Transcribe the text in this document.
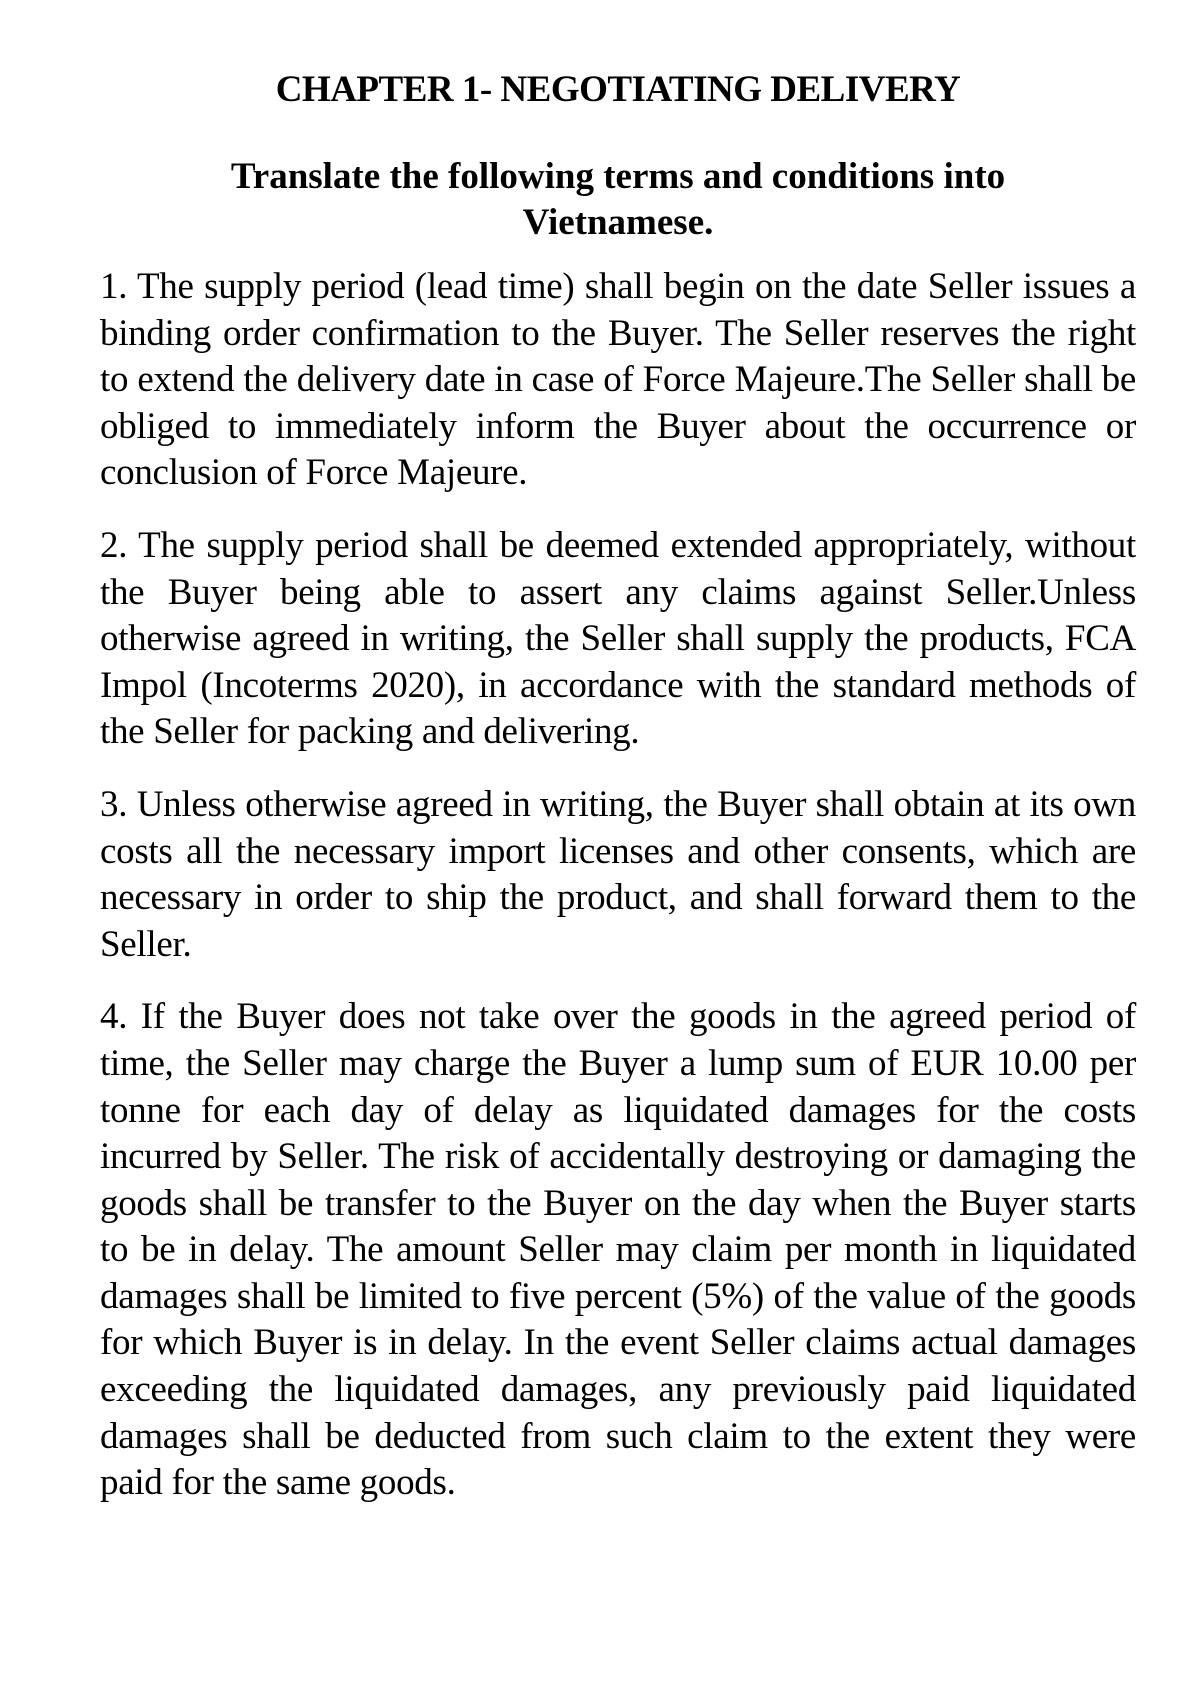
CHAPTER 1- NEGOTIATING DELIVERY

Translate the following terms and conditions into Vietnamese.

1. The supply period (lead time) shall begin on the date Seller issues a binding order confirmation to the Buyer. The Seller reserves the right to extend the delivery date in case of Force Majeure.The Seller shall be obliged to immediately inform the Buyer about the occurrence or conclusion of Force Majeure.

2. The supply period shall be deemed extended appropriately, without the Buyer being able to assert any claims against Seller.Unless otherwise agreed in writing, the Seller shall supply the products, FCA Impol (Incoterms 2020), in accordance with the standard methods of the Seller for packing and delivering.

3. Unless otherwise agreed in writing, the Buyer shall obtain at its own costs all the necessary import licenses and other consents, which are necessary in order to ship the product, and shall forward them to the Seller.

4. If the Buyer does not take over the goods in the agreed period of time, the Seller may charge the Buyer a lump sum of EUR 10.00 per tonne for each day of delay as liquidated damages for the costs incurred by Seller. The risk of accidentally destroying or damaging the goods shall be transfer to the Buyer on the day when the Buyer starts to be in delay. The amount Seller may claim per month in liquidated damages shall be limited to five percent (5%) of the value of the goods for which Buyer is in delay. In the event Seller claims actual damages exceeding the liquidated damages, any previously paid liquidated damages shall be deducted from such claim to the extent they were paid for the same goods.
